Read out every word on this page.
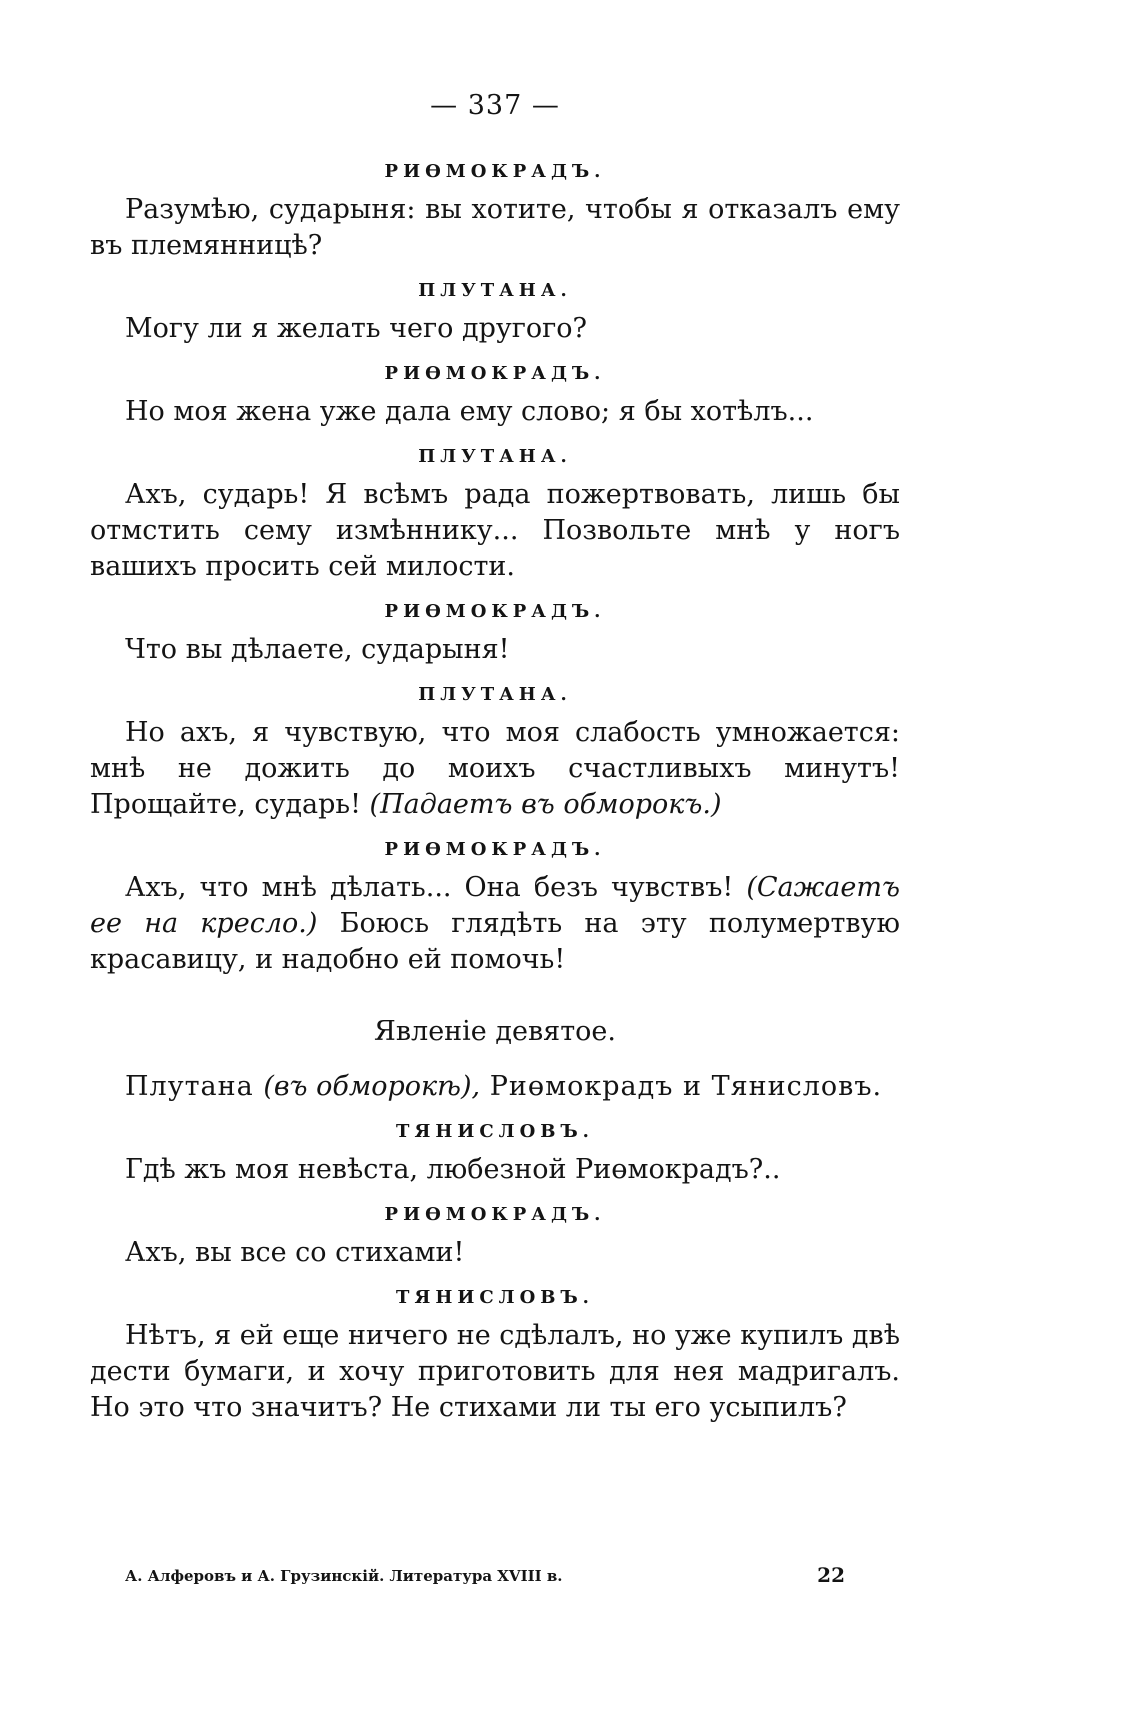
— 337 —
РИӨМОКРАДЪ.

Разумѣю, сударыня: вы хотите, чтобы я отказалъ ему въ племянницѣ?

ПЛУТАНА.

Могу ли я желать чего другого?

РИӨМОКРАДЪ.

Но моя жена уже дала ему слово; я бы хотѣлъ...

ПЛУТАНА.

Ахъ, сударь! Я всѣмъ рада пожертвовать, лишь бы отмстить сему измѣннику... Позвольте мнѣ у ногъ вашихъ просить сей милости.

РИӨМОКРАДЪ.

Что вы дѣлаете, сударыня!

ПЛУТАНА.

Но ахъ, я чувствую, что моя слабость умножается: мнѣ не дожить до моихъ счастливыхъ минутъ! Прощайте, сударь! (Падаетъ въ обморокъ.)

РИӨМОКРАДЪ.

Ахъ, что мнѣ дѣлать... Она безъ чувствъ! (Сажаетъ ее на кресло.) Боюсь глядѣть на эту полумертвую красавицу, и надобно ей помочь!

Явленіе девятое.

Плутана (въ обморокѣ), Риөмокрадъ и Тянисловъ.

ТЯНИСЛОВЪ.

Гдѣ жъ моя невѣста, любезной Риөмокрадъ?..

РИӨМОКРАДЪ.

Ахъ, вы все со стихами!

ТЯНИСЛОВЪ.

Нѣтъ, я ей еще ничего не сдѣлалъ, но уже купилъ двѣ дести бумаги, и хочу приготовить для нея мадригалъ. Но это что значитъ? Не стихами ли ты его усыпилъ?

А. Алферовъ и А. Грузинскій. Литература XVIII в.	22
